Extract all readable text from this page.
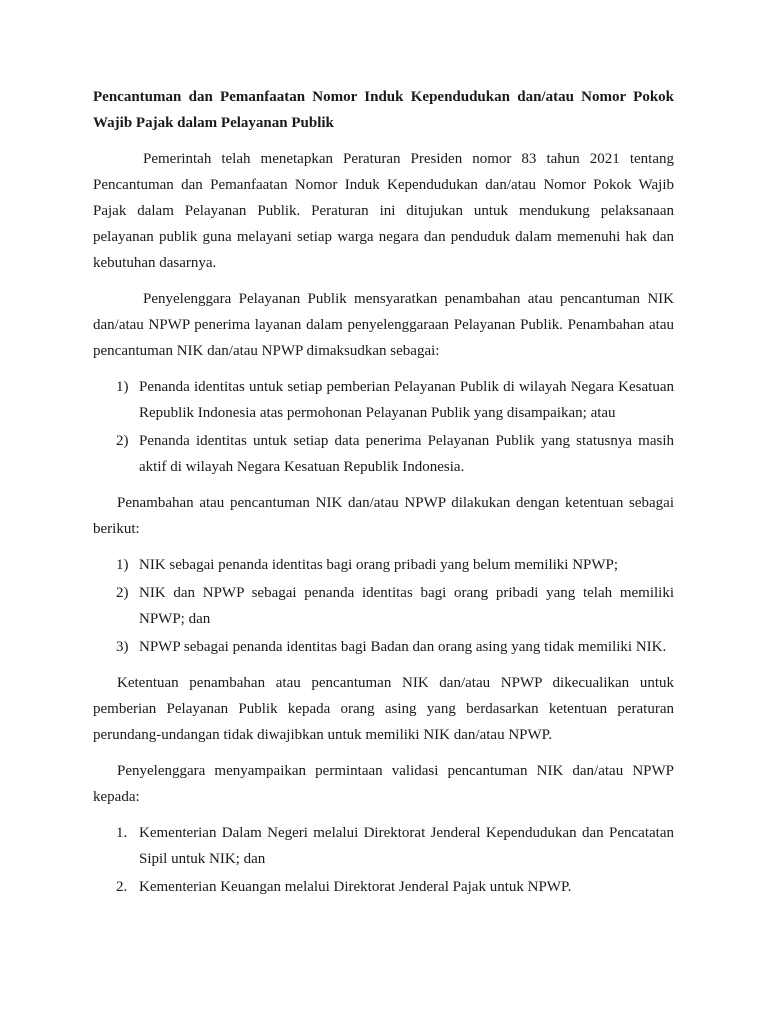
Pencantuman dan Pemanfaatan Nomor Induk Kependudukan dan/atau Nomor Pokok Wajib Pajak dalam Pelayanan Publik

Pemerintah telah menetapkan Peraturan Presiden nomor 83 tahun 2021 tentang Pencantuman dan Pemanfaatan Nomor Induk Kependudukan dan/atau Nomor Pokok Wajib Pajak dalam Pelayanan Publik. Peraturan ini ditujukan untuk mendukung pelaksanaan pelayanan publik guna melayani setiap warga negara dan penduduk dalam memenuhi hak dan kebutuhan dasarnya.

Penyelenggara Pelayanan Publik mensyaratkan penambahan atau pencantuman NIK dan/atau NPWP penerima layanan dalam penyelenggaraan Pelayanan Publik. Penambahan atau pencantuman NIK dan/atau NPWP dimaksudkan sebagai:

1) Penanda identitas untuk setiap pemberian Pelayanan Publik di wilayah Negara Kesatuan Republik Indonesia atas permohonan Pelayanan Publik yang disampaikan; atau
2) Penanda identitas untuk setiap data penerima Pelayanan Publik yang statusnya masih aktif di wilayah Negara Kesatuan Republik Indonesia.

Penambahan atau pencantuman NIK dan/atau NPWP dilakukan dengan ketentuan sebagai berikut:

1) NIK sebagai penanda identitas bagi orang pribadi yang belum memiliki NPWP;
2) NIK dan NPWP sebagai penanda identitas bagi orang pribadi yang telah memiliki NPWP; dan
3) NPWP sebagai penanda identitas bagi Badan dan orang asing yang tidak memiliki NIK.

Ketentuan penambahan atau pencantuman NIK dan/atau NPWP dikecualikan untuk pemberian Pelayanan Publik kepada orang asing yang berdasarkan ketentuan peraturan perundang-undangan tidak diwajibkan untuk memiliki NIK dan/atau NPWP.

Penyelenggara menyampaikan permintaan validasi pencantuman NIK dan/atau NPWP kepada:

1. Kementerian Dalam Negeri melalui Direktorat Jenderal Kependudukan dan Pencatatan Sipil untuk NIK; dan
2. Kementerian Keuangan melalui Direktorat Jenderal Pajak untuk NPWP.
